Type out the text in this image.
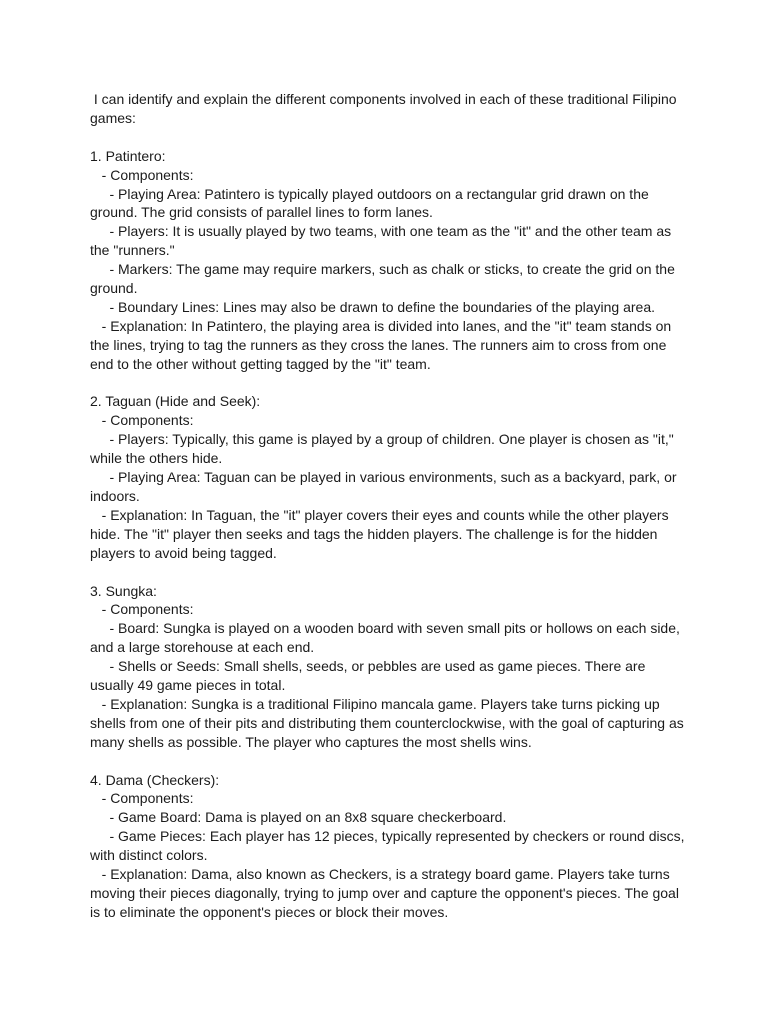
I can identify and explain the different components involved in each of these traditional Filipino games:

1. Patintero:

- Components:

- Playing Area: Patintero is typically played outdoors on a rectangular grid drawn on the ground. The grid consists of parallel lines to form lanes.

- Players: It is usually played by two teams, with one team as the "it" and the other team as the "runners."

- Markers: The game may require markers, such as chalk or sticks, to create the grid on the ground.

- Boundary Lines: Lines may also be drawn to define the boundaries of the playing area.

- Explanation: In Patintero, the playing area is divided into lanes, and the "it" team stands on the lines, trying to tag the runners as they cross the lanes. The runners aim to cross from one end to the other without getting tagged by the "it" team.

2. Taguan (Hide and Seek):

- Components:

- Players: Typically, this game is played by a group of children. One player is chosen as "it," while the others hide.

- Playing Area: Taguan can be played in various environments, such as a backyard, park, or indoors.

- Explanation: In Taguan, the "it" player covers their eyes and counts while the other players hide. The "it" player then seeks and tags the hidden players. The challenge is for the hidden players to avoid being tagged.

3. Sungka:

- Components:

- Board: Sungka is played on a wooden board with seven small pits or hollows on each side, and a large storehouse at each end.

- Shells or Seeds: Small shells, seeds, or pebbles are used as game pieces. There are usually 49 game pieces in total.

- Explanation: Sungka is a traditional Filipino mancala game. Players take turns picking up shells from one of their pits and distributing them counterclockwise, with the goal of capturing as many shells as possible. The player who captures the most shells wins.

4. Dama (Checkers):

- Components:

- Game Board: Dama is played on an 8x8 square checkerboard.

- Game Pieces: Each player has 12 pieces, typically represented by checkers or round discs, with distinct colors.

- Explanation: Dama, also known as Checkers, is a strategy board game. Players take turns moving their pieces diagonally, trying to jump over and capture the opponent's pieces. The goal is to eliminate the opponent's pieces or block their moves.
